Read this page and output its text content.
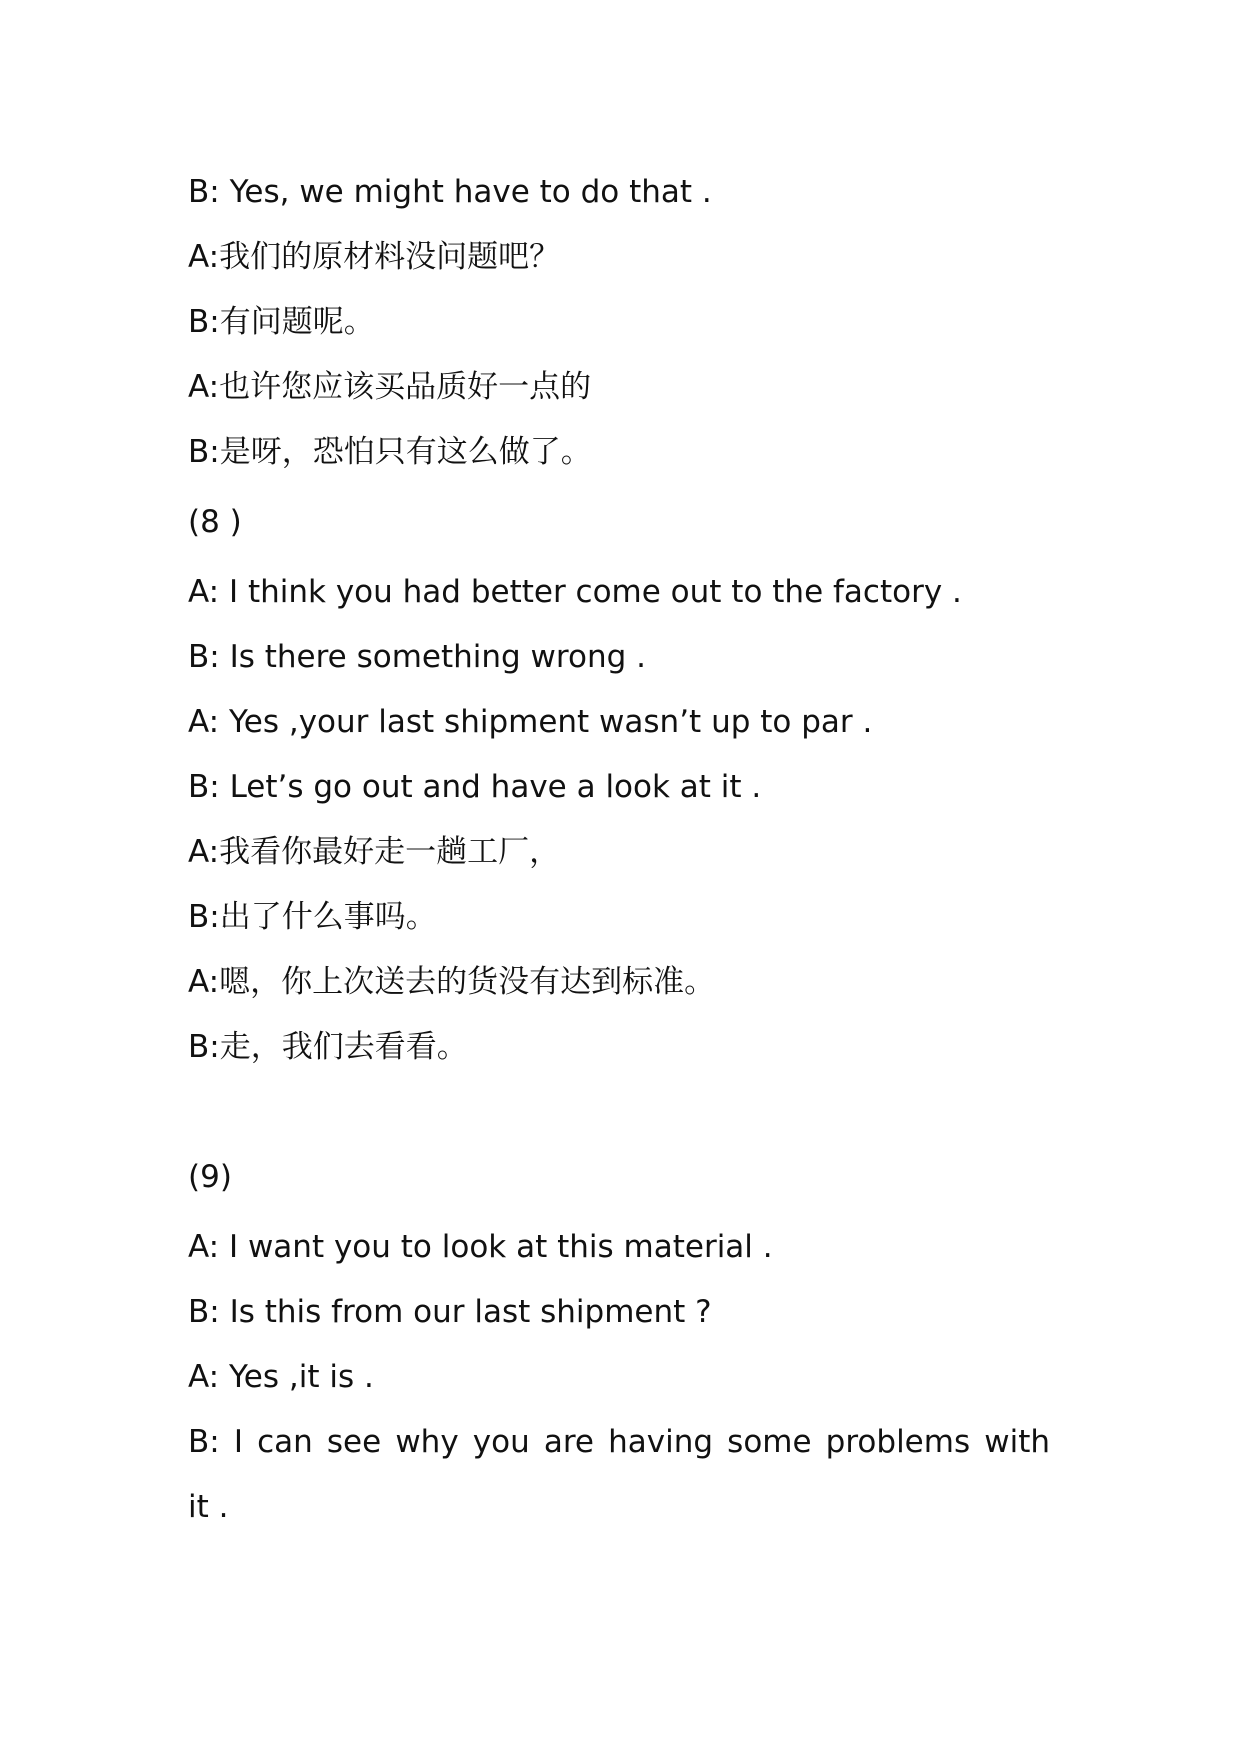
B: Yes, we might have to do that .
A:我们的原材料没问题吧？
B:有问题呢。
A:也许您应该买品质好一点的
B:是呀，恐怕只有这么做了。
(8 )
A: I think you had better come out to the factory .
B: Is there something wrong .
A: Yes ,your last shipment wasn’t up to par .
B: Let’s go out and have a look at it .
A:我看你最好走一趟工厂，
B:出了什么事吗。
A:嗯，你上次送去的货没有达到标准。
B:走，我们去看看。
(9)
A: I want you to look at this material .
B: Is this from our last shipment ?
A: Yes ,it is .
B: I can see why you are having some problems with
it .
